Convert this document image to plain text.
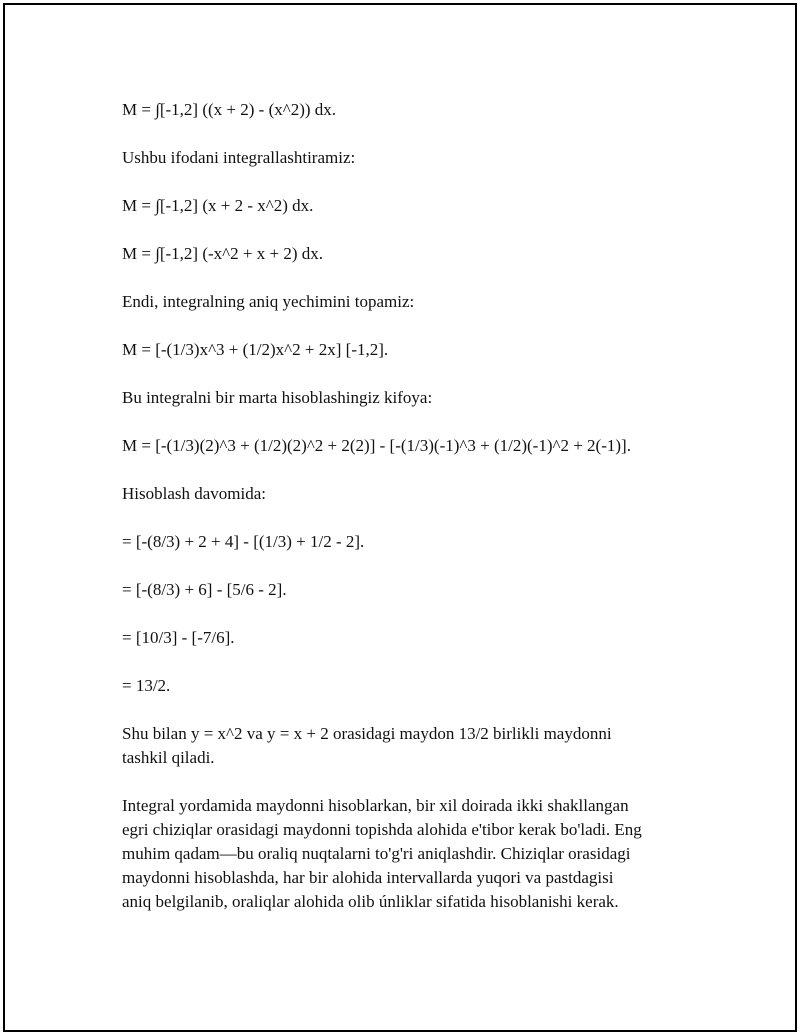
M = ∫[-1,2] ((x + 2) - (x^2)) dx.

Ushbu ifodani integrallashtiramiz:

M = ∫[-1,2] (x + 2 - x^2) dx.

M = ∫[-1,2] (-x^2 + x + 2) dx.

Endi, integralning aniq yechimini topamiz:

M = [-(1/3)x^3 + (1/2)x^2 + 2x] [-1,2].

Bu integralni bir marta hisoblashingiz kifoya:

M = [-(1/3)(2)^3 + (1/2)(2)^2 + 2(2)] - [-(1/3)(-1)^3 + (1/2)(-1)^2 + 2(-1)].

Hisoblash davomida:

= [-(8/3) + 2 + 4] - [(1/3) + 1/2 - 2].

= [-(8/3) + 6] - [5/6 - 2].

= [10/3] - [-7/6].

= 13/2.

Shu bilan y = x^2 va y = x + 2 orasidagi maydon 13/2 birlikli maydonni
tashkil qiladi.

Integral yordamida maydonni hisoblarkan, bir xil doirada ikki shakllangan
egri chiziqlar orasidagi maydonni topishda alohida e'tibor kerak bo'ladi. Eng
muhim qadam—bu oraliq nuqtalarni to'g'ri aniqlashdir. Chiziqlar orasidagi
maydonni hisoblashda, har bir alohida intervallarda yuqori va pastdagisi
aniq belgilanib, oraliqlar alohida olib únliklar sifatida hisoblanishi kerak.
